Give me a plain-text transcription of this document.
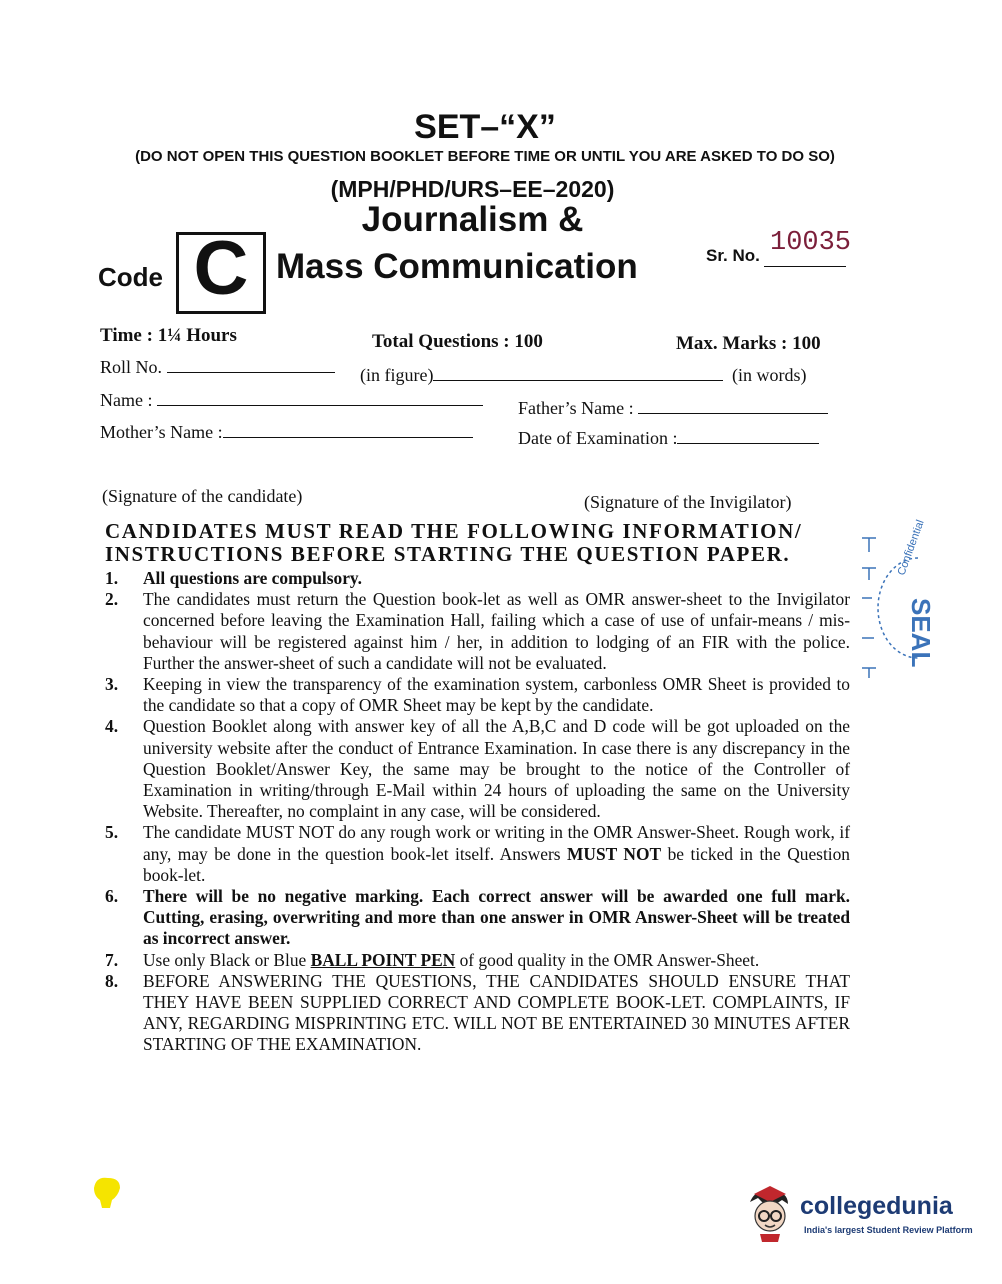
SET–“X”
(DO NOT OPEN THIS QUESTION BOOKLET BEFORE TIME OR UNTIL YOU ARE ASKED TO DO SO)
(MPH/PHD/URS–EE–2020)
Journalism &
Code C Mass Communication	Sr. No. 10035
Time : 1¼ Hours	Total Questions : 100	Max. Marks : 100
Roll No.	(in figure)	(in words)
Name :	Father’s Name :
Mother’s Name :	Date of Examination :
(Signature of the candidate)	(Signature of the Invigilator)
CANDIDATES MUST READ THE FOLLOWING INFORMATION/ INSTRUCTIONS BEFORE STARTING THE QUESTION PAPER.
1. All questions are compulsory.
2. The candidates must return the Question book-let as well as OMR answer-sheet to the Invigilator concerned before leaving the Examination Hall, failing which a case of use of unfair-means / mis-behaviour will be registered against him / her, in addition to lodging of an FIR with the police. Further the answer-sheet of such a candidate will not be evaluated.
3. Keeping in view the transparency of the examination system, carbonless OMR Sheet is provided to the candidate so that a copy of OMR Sheet may be kept by the candidate.
4. Question Booklet along with answer key of all the A,B,C and D code will be got uploaded on the university website after the conduct of Entrance Examination. In case there is any discrepancy in the Question Booklet/Answer Key, the same may be brought to the notice of the Controller of Examination in writing/through E-Mail within 24 hours of uploading the same on the University Website. Thereafter, no complaint in any case, will be considered.
5. The candidate MUST NOT do any rough work or writing in the OMR Answer-Sheet. Rough work, if any, may be done in the question book-let itself. Answers MUST NOT be ticked in the Question book-let.
6. There will be no negative marking. Each correct answer will be awarded one full mark. Cutting, erasing, overwriting and more than one answer in OMR Answer-Sheet will be treated as incorrect answer.
7. Use only Black or Blue BALL POINT PEN of good quality in the OMR Answer-Sheet.
8. BEFORE ANSWERING THE QUESTIONS, THE CANDIDATES SHOULD ENSURE THAT THEY HAVE BEEN SUPPLIED CORRECT AND COMPLETE BOOK-LET. COMPLAINTS, IF ANY, REGARDING MISPRINTING ETC. WILL NOT BE ENTERTAINED 30 MINUTES AFTER STARTING OF THE EXAMINATION.
Confidential
SEAL
collegedunia
India's largest Student Review Platform
